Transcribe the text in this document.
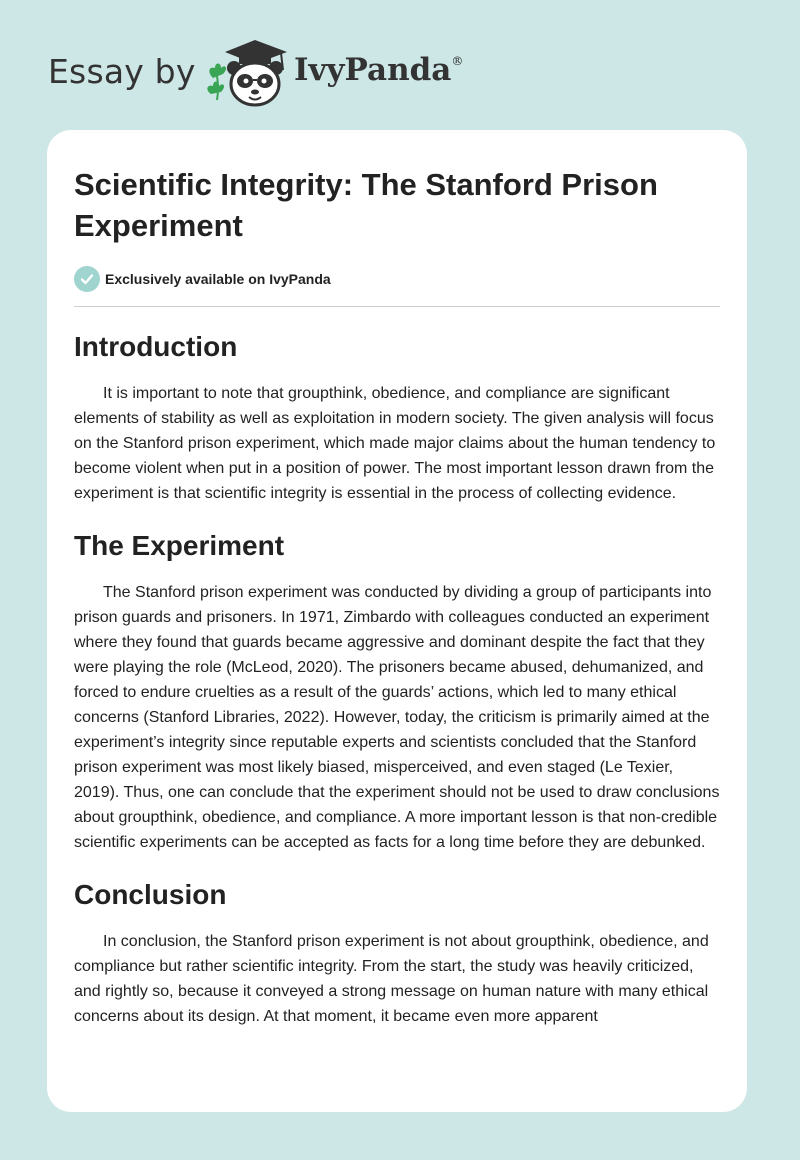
Essay by	IvyPanda®
Scientific Integrity: The Stanford Prison Experiment
Exclusively available on IvyPanda
Introduction

It is important to note that groupthink, obedience, and compliance are significant elements of stability as well as exploitation in modern society. The given analysis will focus on the Stanford prison experiment, which made major claims about the human tendency to become violent when put in a position of power. The most important lesson drawn from the experiment is that scientific integrity is essential in the process of collecting evidence.

The Experiment

The Stanford prison experiment was conducted by dividing a group of participants into prison guards and prisoners. In 1971, Zimbardo with colleagues conducted an experiment where they found that guards became aggressive and dominant despite the fact that they were playing the role (McLeod, 2020). The prisoners became abused, dehumanized, and forced to endure cruelties as a result of the guards’ actions, which led to many ethical concerns (Stanford Libraries, 2022). However, today, the criticism is primarily aimed at the experiment’s integrity since reputable experts and scientists concluded that the Stanford prison experiment was most likely biased, misperceived, and even staged (Le Texier, 2019). Thus, one can conclude that the experiment should not be used to draw conclusions about groupthink, obedience, and compliance. A more important lesson is that non-credible scientific experiments can be accepted as facts for a long time before they are debunked.

Conclusion

In conclusion, the Stanford prison experiment is not about groupthink, obedience, and compliance but rather scientific integrity. From the start, the study was heavily criticized, and rightly so, because it conveyed a strong message on human nature with many ethical concerns about its design. At that moment, it became even more apparent
